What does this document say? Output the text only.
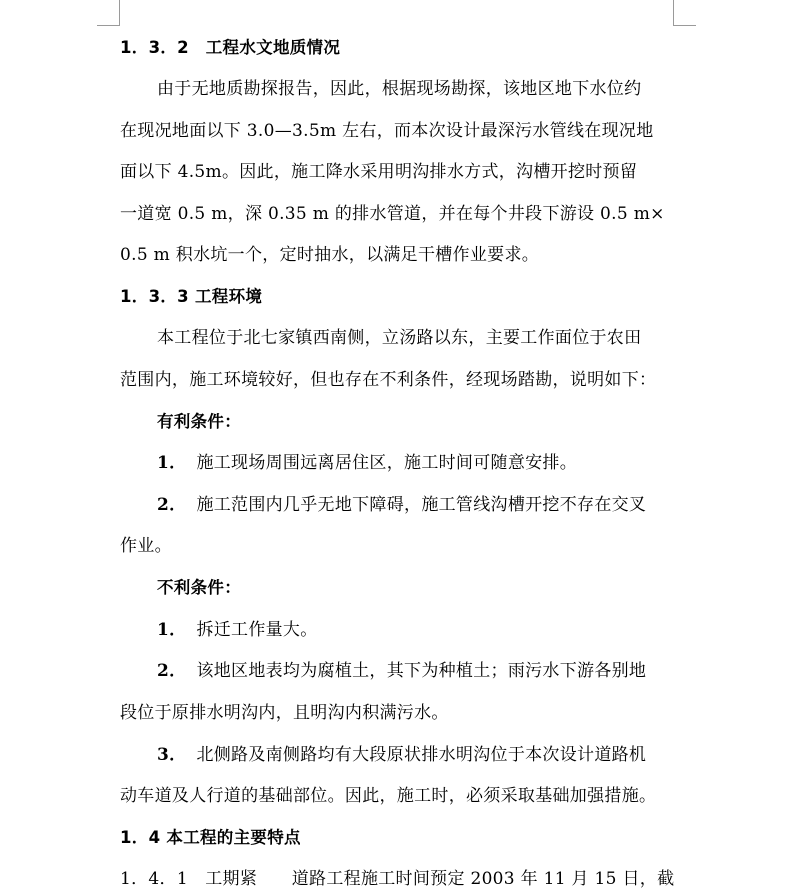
1．3．2　工程水文地质情况
由于无地质勘探报告，因此，根据现场勘探，该地区地下水位约
在现况地面以下 3.0—3.5m 左右，而本次设计最深污水管线在现况地
面以下 4.5m。因此，施工降水采用明沟排水方式，沟槽开挖时预留
一道宽 0.5 m，深 0.35 m 的排水管道，并在每个井段下游设 0.5 m×
0.5 m 积水坑一个，定时抽水，以满足干槽作业要求。
1．3．3 工程环境
本工程位于北七家镇西南侧，立汤路以东，主要工作面位于农田
范围内，施工环境较好，但也存在不利条件，经现场踏勘，说明如下：
有利条件：
1． 施工现场周围远离居住区，施工时间可随意安排。
2． 施工范围内几乎无地下障碍，施工管线沟槽开挖不存在交叉
作业。
不利条件：
1． 拆迁工作量大。
2． 该地区地表均为腐植土，其下为种植土；雨污水下游各别地
段位于原排水明沟内，且明沟内积满污水。
3． 北侧路及南侧路均有大段原状排水明沟位于本次设计道路机
动车道及人行道的基础部位。因此，施工时，必须采取基础加强措施。
1．4 本工程的主要特点
1．4．1　工期紧　　道路工程施工时间预定 2003 年 11 月 15 日，截
